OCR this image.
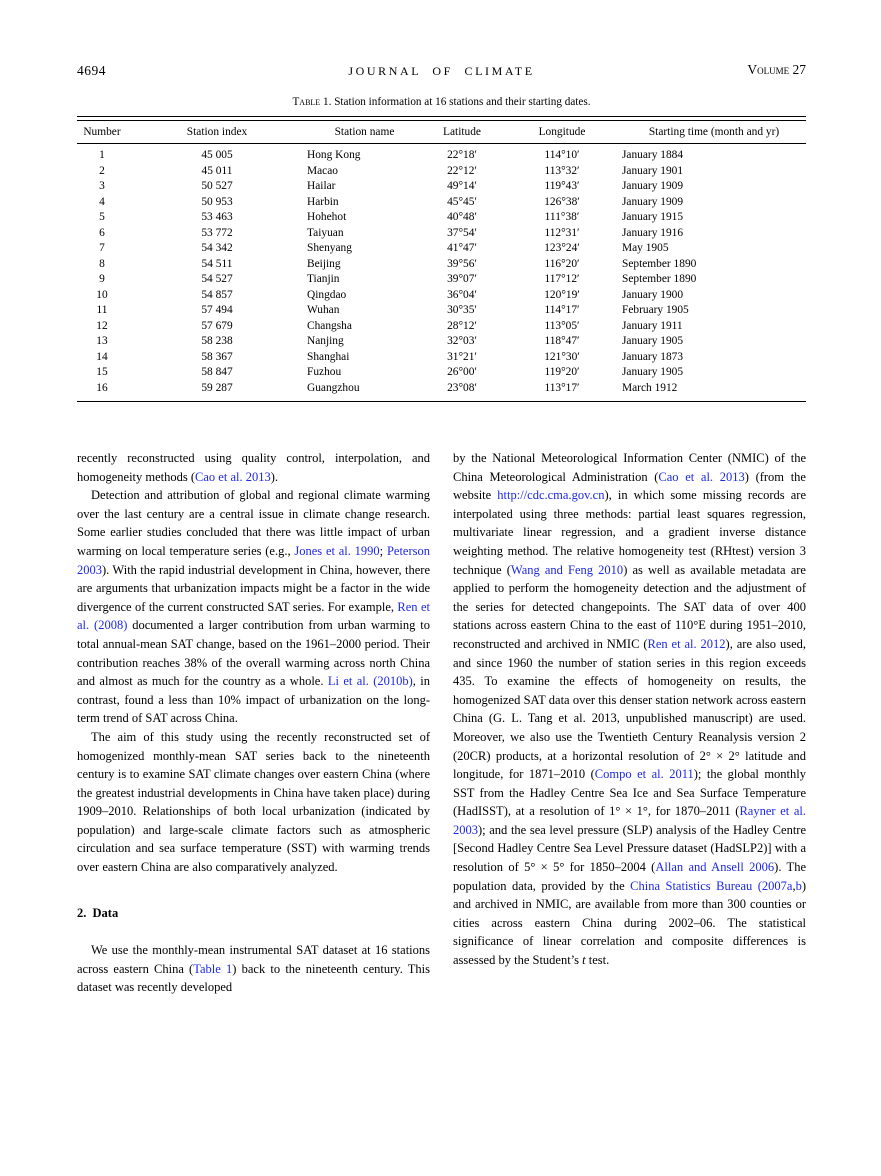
4694	JOURNAL OF CLIMATE	Volume 27
Table 1. Station information at 16 stations and their starting dates.
Number	Station index	Station name	Latitude	Longitude	Starting time (month and yr)
1	45 005	Hong Kong	22°18′	114°10′	January 1884
2	45 011	Macao	22°12′	113°32′	January 1901
3	50 527	Hailar	49°14′	119°43′	January 1909
4	50 953	Harbin	45°45′	126°38′	January 1909
5	53 463	Hohehot	40°48′	111°38′	January 1915
6	53 772	Taiyuan	37°54′	112°31′	January 1916
7	54 342	Shenyang	41°47′	123°24′	May 1905
8	54 511	Beijing	39°56′	116°20′	September 1890
9	54 527	Tianjin	39°07′	117°12′	September 1890
10	54 857	Qingdao	36°04′	120°19′	January 1900
11	57 494	Wuhan	30°35′	114°17′	February 1905
12	57 679	Changsha	28°12′	113°05′	January 1911
13	58 238	Nanjing	32°03′	118°47′	January 1905
14	58 367	Shanghai	31°21′	121°30′	January 1873
15	58 847	Fuzhou	26°00′	119°20′	January 1905
16	59 287	Guangzhou	23°08′	113°17′	March 1912

recently reconstructed using quality control, interpolation, and homogeneity methods (Cao et al. 2013).

Detection and attribution of global and regional climate warming over the last century are a central issue in climate change research. Some earlier studies concluded that there was little impact of urban warming on local temperature series (e.g., Jones et al. 1990; Peterson 2003). With the rapid industrial development in China, however, there are arguments that urbanization impacts might be a factor in the wide divergence of the current constructed SAT series. For example, Ren et al. (2008) documented a larger contribution from urban warming to total annual-mean SAT change, based on the 1961–2000 period. Their contribution reaches 38% of the overall warming across north China and almost as much for the country as a whole. Li et al. (2010b), in contrast, found a less than 10% impact of urbanization on the long-term trend of SAT across China.

The aim of this study using the recently reconstructed set of homogenized monthly-mean SAT series back to the nineteenth century is to examine SAT climate changes over eastern China (where the greatest industrial developments in China have taken place) during 1909–2010. Relationships of both local urbanization (indicated by population) and large-scale climate factors such as atmospheric circulation and sea surface temperature (SST) with warming trends over eastern China are also comparatively analyzed.

2. Data

We use the monthly-mean instrumental SAT dataset at 16 stations across eastern China (Table 1) back to the nineteenth century. This dataset was recently developed

by the National Meteorological Information Center (NMIC) of the China Meteorological Administration (Cao et al. 2013) (from the website http://cdc.cma.gov.cn), in which some missing records are interpolated using three methods: partial least squares regression, multivariate linear regression, and a gradient inverse distance weighting method. The relative homogeneity test (RHtest) version 3 technique (Wang and Feng 2010) as well as available metadata are applied to perform the homogeneity detection and the adjustment of the series for detected changepoints. The SAT data of over 400 stations across eastern China to the east of 110°E during 1951–2010, reconstructed and archived in NMIC (Ren et al. 2012), are also used, and since 1960 the number of station series in this region exceeds 435. To examine the effects of homogeneity on results, the homogenized SAT data over this denser station network across eastern China (G. L. Tang et al. 2013, unpublished manuscript) are used. Moreover, we also use the Twentieth Century Reanalysis version 2 (20CR) products, at a horizontal resolution of 2° × 2° latitude and longitude, for 1871–2010 (Compo et al. 2011); the global monthly SST from the Hadley Centre Sea Ice and Sea Surface Temperature (HadISST), at a resolution of 1° × 1°, for 1870–2011 (Rayner et al. 2003); and the sea level pressure (SLP) analysis of the Hadley Centre [Second Hadley Centre Sea Level Pressure dataset (HadSLP2)] with a resolution of 5° × 5° for 1850–2004 (Allan and Ansell 2006). The population data, provided by the China Statistics Bureau (2007a,b) and archived in NMIC, are available from more than 300 counties or cities across eastern China during 2002–06. The statistical significance of linear correlation and composite differences is assessed by the Student’s t test.
